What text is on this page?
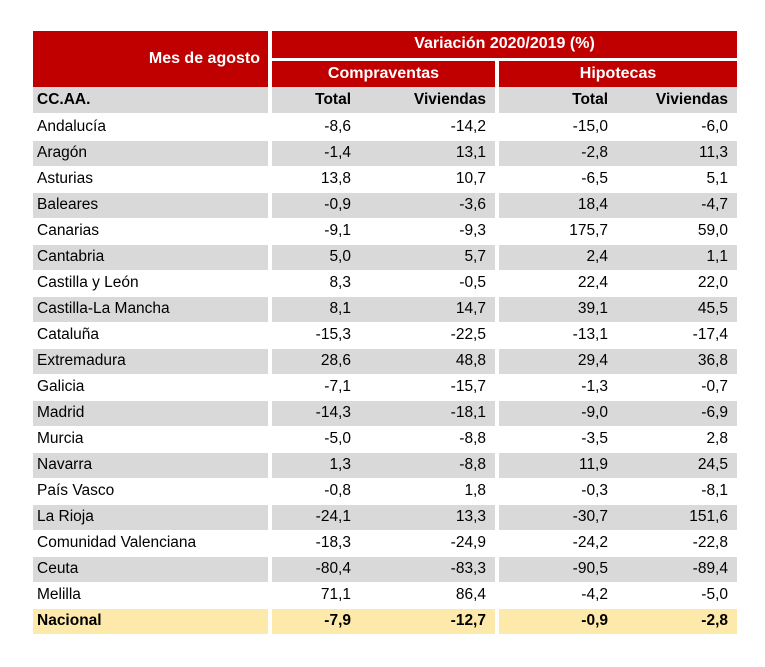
Mes de agosto	Variación 2020/2019 (%)			
	Compraventas		Hipotecas	
CC.AA.	Total	Viviendas	Total	Viviendas
Andalucía	-8,6	-14,2	-15,0	-6,0
Aragón	-1,4	13,1	-2,8	11,3
Asturias	13,8	10,7	-6,5	5,1
Baleares	-0,9	-3,6	18,4	-4,7
Canarias	-9,1	-9,3	175,7	59,0
Cantabria	5,0	5,7	2,4	1,1
Castilla y León	8,3	-0,5	22,4	22,0
Castilla-La Mancha	8,1	14,7	39,1	45,5
Cataluña	-15,3	-22,5	-13,1	-17,4
Extremadura	28,6	48,8	29,4	36,8
Galicia	-7,1	-15,7	-1,3	-0,7
Madrid	-14,3	-18,1	-9,0	-6,9
Murcia	-5,0	-8,8	-3,5	2,8
Navarra	1,3	-8,8	11,9	24,5
País Vasco	-0,8	1,8	-0,3	-8,1
La Rioja	-24,1	13,3	-30,7	151,6
Comunidad Valenciana	-18,3	-24,9	-24,2	-22,8
Ceuta	-80,4	-83,3	-90,5	-89,4
Melilla	71,1	86,4	-4,2	-5,0
Nacional	-7,9	-12,7	-0,9	-2,8
